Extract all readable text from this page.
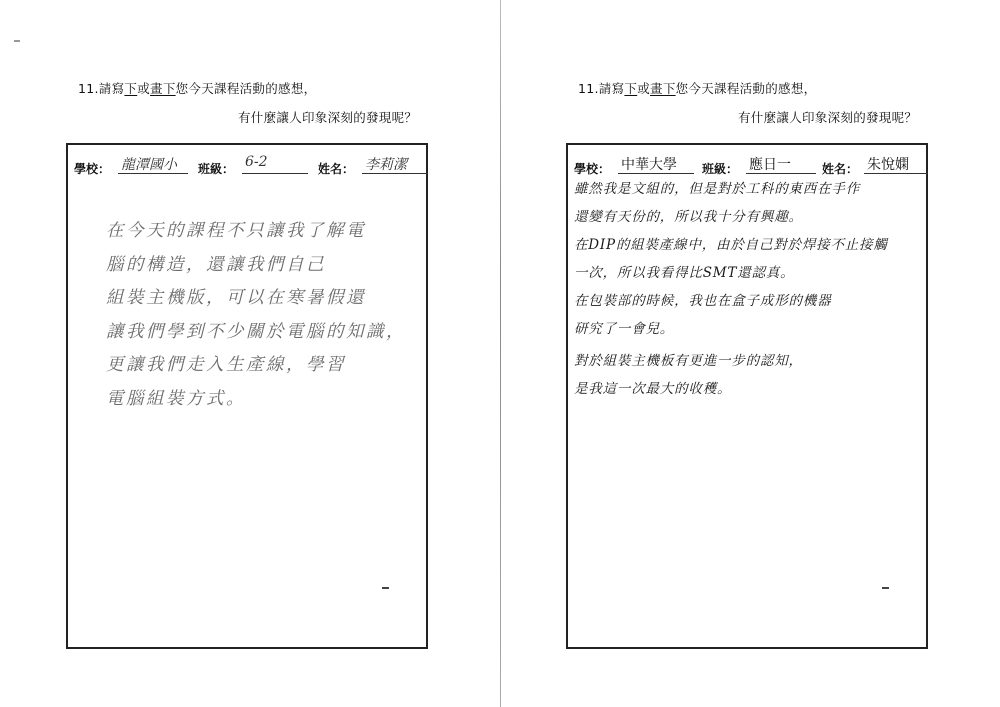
11.請寫下或畫下您今天課程活動的感想，
有什麼讓人印象深刻的發現呢？
學校： 龍潭國小	班級： 6-2	姓名： 李莉潔
在今天的課程不只讓我了解電
腦的構造，還讓我們自己
組裝主機版，可以在寒暑假還
讓我們學到不少關於電腦的知識，
更讓我們走入生產線，學習
電腦組裝方式。
11.請寫下或畫下您今天課程活動的感想，
有什麼讓人印象深刻的發現呢？
學校： 中華大學	班級： 應日一	姓名： 朱悅嫻
雖然我是文組的，但是對於工科的東西在手作
還變有天份的，所以我十分有興趣。
在DIP的組裝產線中，由於自己對於焊接不止接觸
一次，所以我看得比SMT還認真。
在包裝部的時候，我也在盒子成形的機器
研究了一會兒。
對於組裝主機板有更進一步的認知，
是我這一次最大的收穫。
